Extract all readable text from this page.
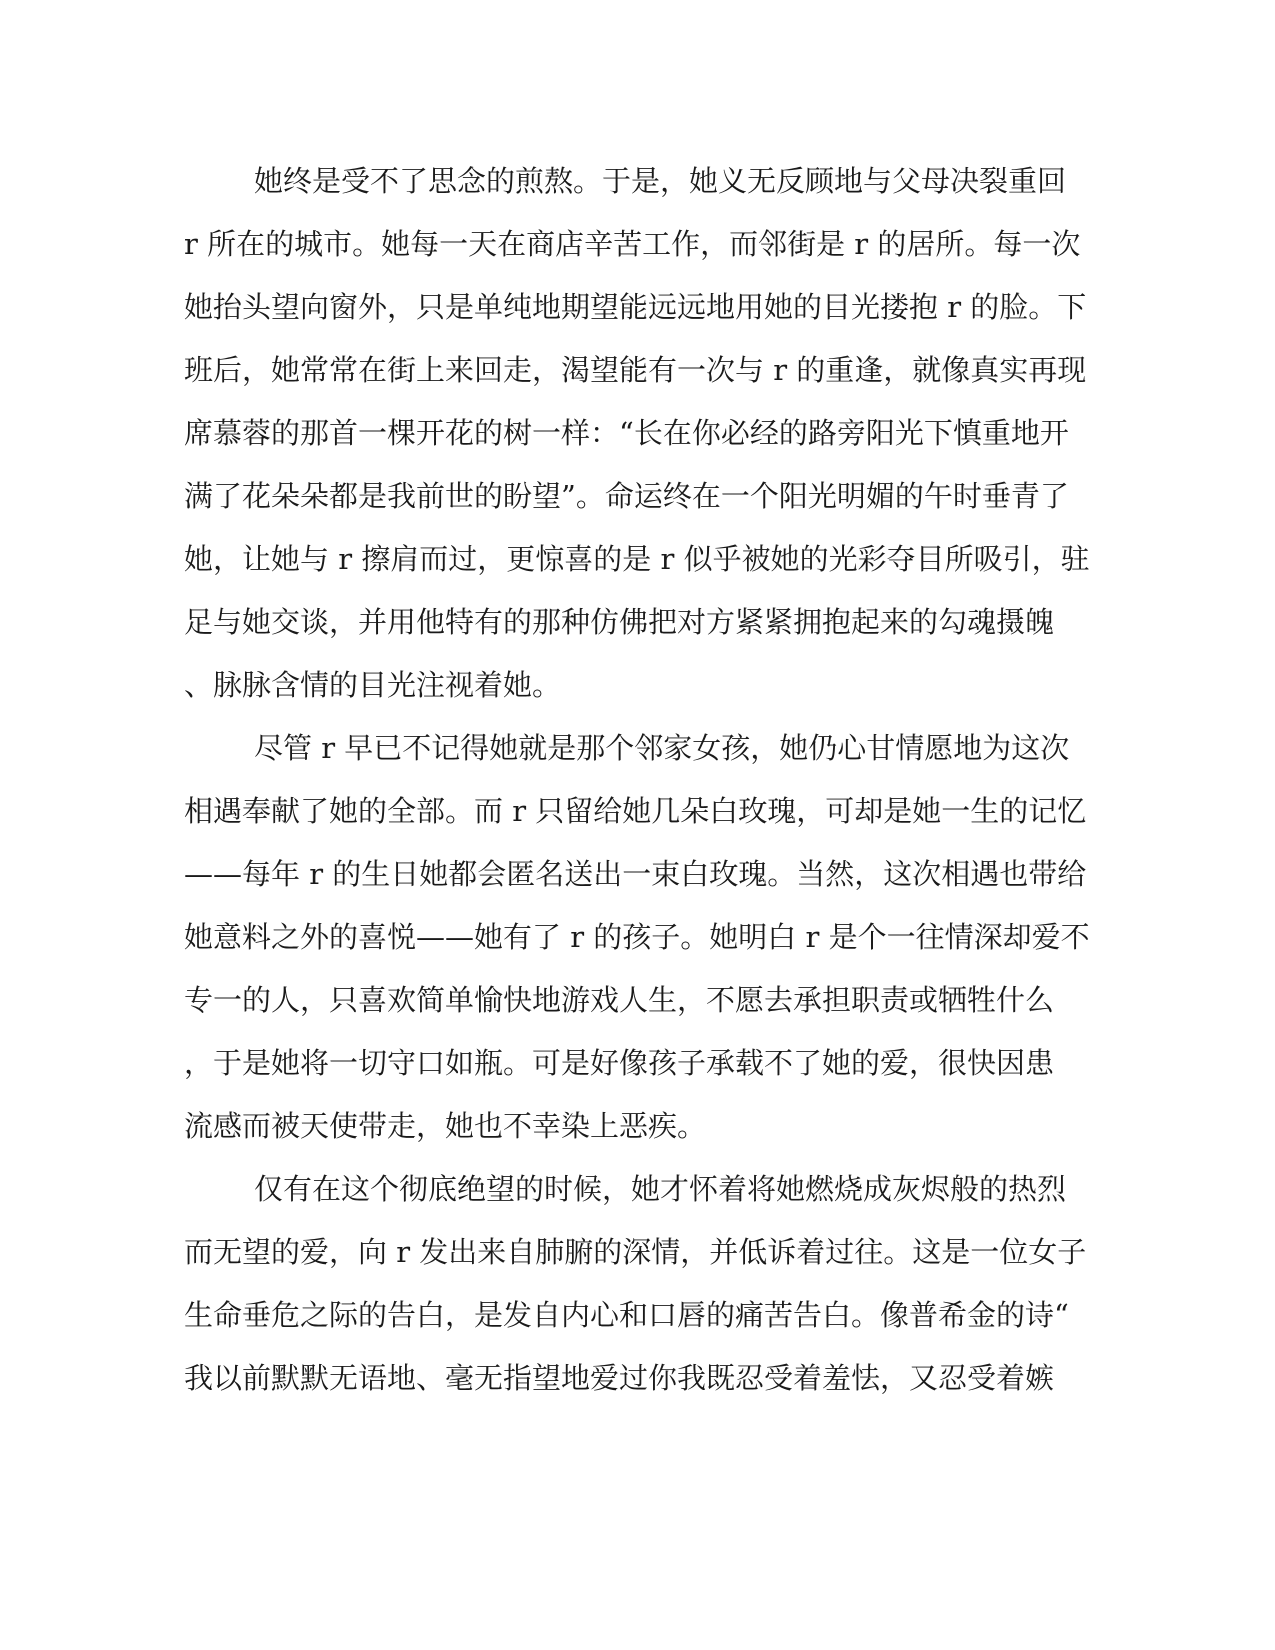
她终是受不了思念的煎熬。于是，她义无反顾地与父母决裂重回
r 所在的城市。她每一天在商店辛苦工作，而邻街是 r 的居所。每一次
她抬头望向窗外，只是单纯地期望能远远地用她的目光搂抱 r 的脸。下
班后，她常常在街上来回走，渴望能有一次与 r 的重逢，就像真实再现
席慕蓉的那首一棵开花的树一样：“长在你必经的路旁阳光下慎重地开
满了花朵朵都是我前世的盼望”。命运终在一个阳光明媚的午时垂青了
她，让她与 r 擦肩而过，更惊喜的是 r 似乎被她的光彩夺目所吸引，驻
足与她交谈，并用他特有的那种仿佛把对方紧紧拥抱起来的勾魂摄魄
、脉脉含情的目光注视着她。
尽管 r 早已不记得她就是那个邻家女孩，她仍心甘情愿地为这次
相遇奉献了她的全部。而 r 只留给她几朵白玫瑰，可却是她一生的记忆
——每年 r 的生日她都会匿名送出一束白玫瑰。当然，这次相遇也带给
她意料之外的喜悦——她有了 r 的孩子。她明白 r 是个一往情深却爱不
专一的人，只喜欢简单愉快地游戏人生，不愿去承担职责或牺牲什么
，于是她将一切守口如瓶。可是好像孩子承载不了她的爱，很快因患
流感而被天使带走，她也不幸染上恶疾。
仅有在这个彻底绝望的时候，她才怀着将她燃烧成灰烬般的热烈
而无望的爱，向 r 发出来自肺腑的深情，并低诉着过往。这是一位女子
生命垂危之际的告白，是发自内心和口唇的痛苦告白。像普希金的诗“
我以前默默无语地、毫无指望地爱过你我既忍受着羞怯，又忍受着嫉
